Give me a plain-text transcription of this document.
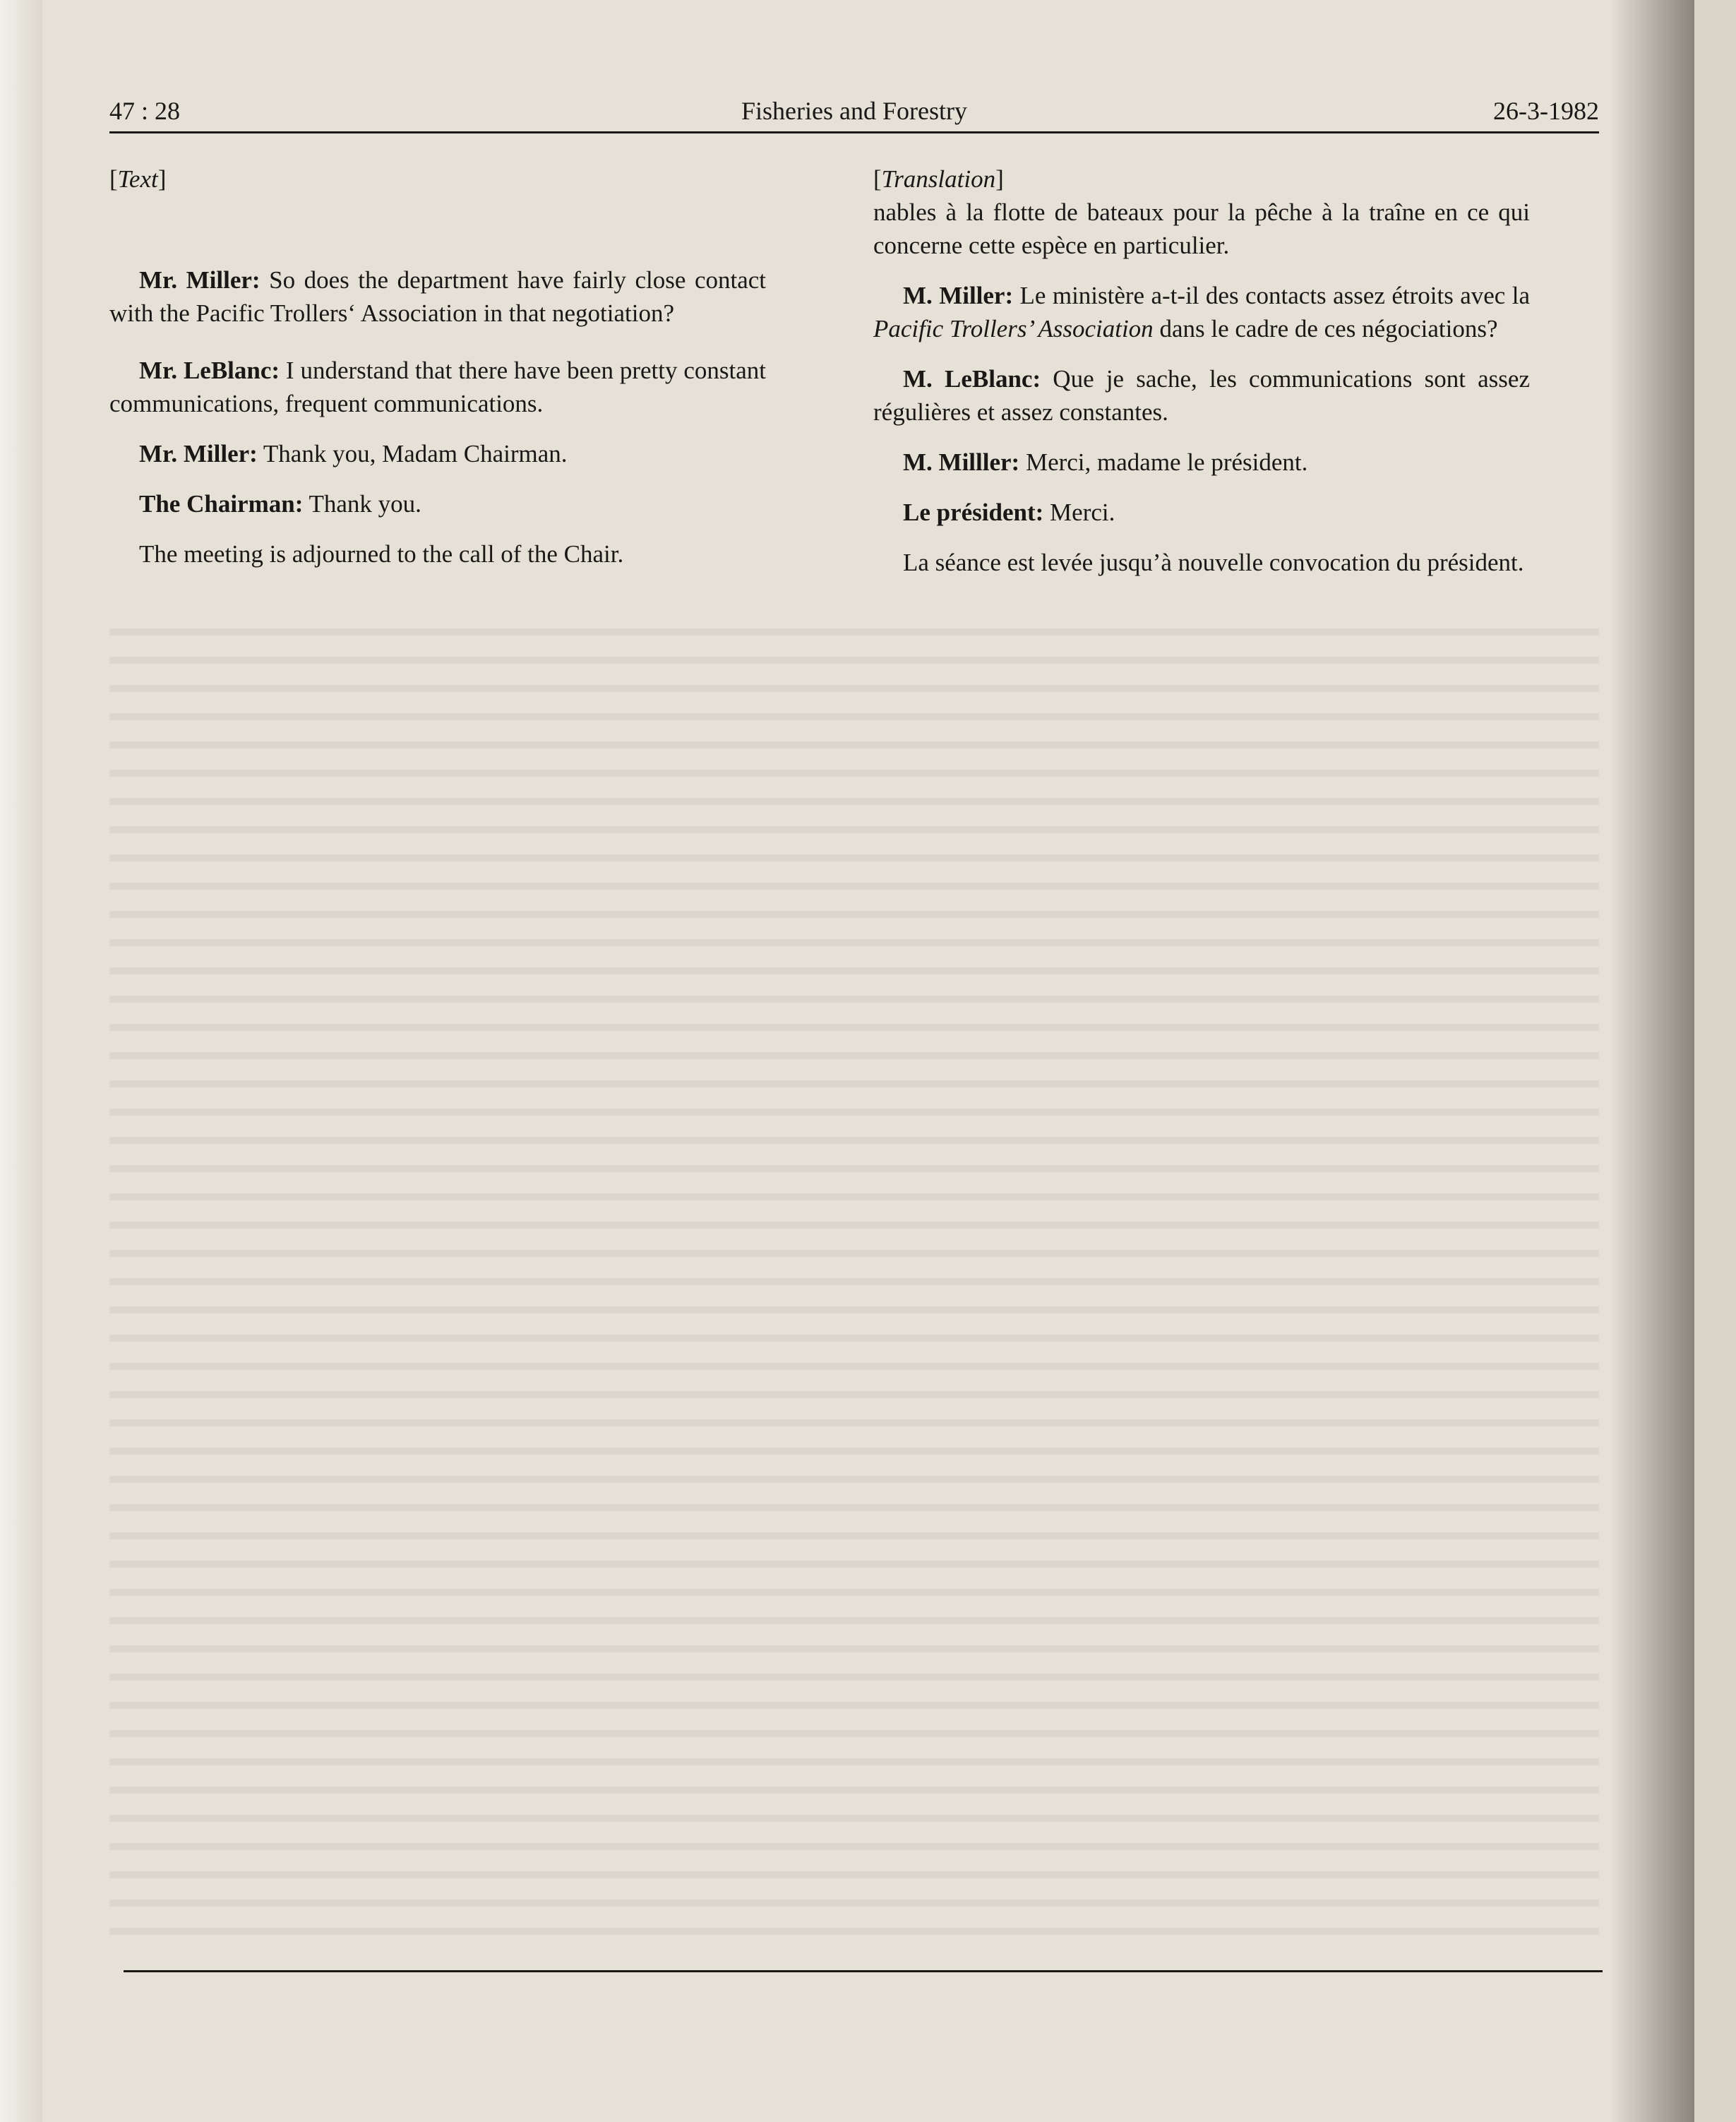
47 : 28	Fisheries and Forestry	26-3-1982
[Text]

Mr. Miller: So does the department have fairly close contact with the Pacific Trollers‘ Association in that negotiation?

Mr. LeBlanc: I understand that there have been pretty constant communications, frequent communications.

Mr. Miller: Thank you, Madam Chairman.

The Chairman: Thank you.

The meeting is adjourned to the call of the Chair.

[Translation]

nables à la flotte de bateaux pour la pêche à la traîne en ce qui concerne cette espèce en particulier.

M. Miller: Le ministère a-t-il des contacts assez étroits avec la Pacific Trollers’ Association dans le cadre de ces négociations?

M. LeBlanc: Que je sache, les communications sont assez régulières et assez constantes.

M. Milller: Merci, madame le président.

Le président: Merci.

La séance est levée jusqu’à nouvelle convocation du président.
